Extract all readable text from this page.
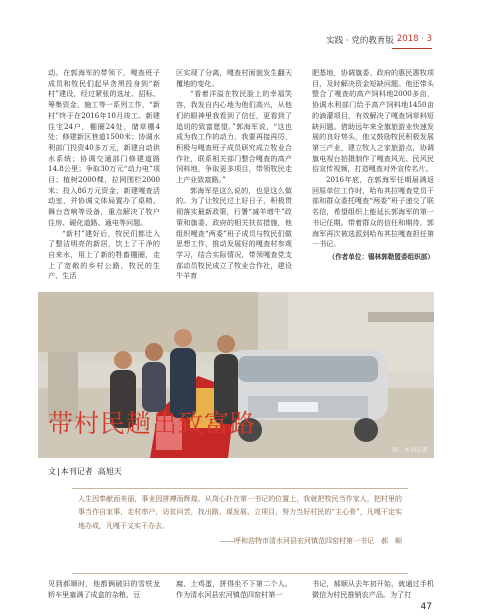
实践 · 党的教育版 2018 · 3

动。在郭海军的带领下，嘎查班子成员和牧民们起早贪黑投身到“新村”建设，经过紧张的选址、招标、筹集资金、施工等一系列工作，“新村”终于在2016年10月竣工。新建住宅24户，棚圈24处，储草棚4处；修建新区巷道1500米；协调水利部门投资40多万元，新建自动供水系统；协调交通部门修建道路14.8公里；争取30万元“动力电”项目；植树2000棵，拉网围栏2000米；投入86万元资金，新建嘎查活动室，并协调文体局置办了桌椅、舞台音响等设备，重点解决了牧户住房、硬化道路、通电等问题。

“新村”建好后，牧民们都迁入了整洁明亮的新居，饮上了干净的自来水，用上了新的牲畜棚圈，走上了宽敞的乡村公路，牧民的生产、生活

区实现了分离，嘎查村面貌发生翻天覆地的变化。

“看着洋溢在牧民脸上的幸福笑容，我发自内心地为他们高兴，从他们的眼神里我看到了信任，更看到了追切的致富愿望。”郭海军说，“这也成为我工作的动力，我要再接再厉，积极与嘎查班子成员研究成立牧业合作社，联系相关部门整合嘎查的高产饲料地，争取更多项目，带领牧民走上产业致富路。”

郭海军是这么说的，也是这么做的。为了让牧民过上好日子，积极贯彻落实最新政策，行署“减羊增牛”政策和旗委、政府的相关扶贫措施，他组织嘎查“两委”班子成员与牧民们做思想工作，推动发展好的嘎查村参观学习，结合实际情况，带领嘎查党支部动员牧民成立了牧业合作社，建设牛羊育

肥基地，协调旗委、政府的惠民惠牧项目，及时解决资金短缺问题。他还带头整合了嘎查的高产饲料地2000多亩，协调水利部门给予高产饲料地1450亩的滴灌项目，有效解决了嘎查饲草料短缺问题。借助远年来全旗旅游业快速发展的良好势头，他又鼓励牧民积极发展第三产业，建立牧人之家旅游点，协调旗电视台拍摄制作了嘎查风光、民风民俗宣传视频，打造嘎查对外宣传名片。

2016年底，在郭海军任期届满返回原单位工作时，哈布其拉嘎查党员干部和群众委托嘎查“两委”班子递交了联名信，希望组织上能延长郭海军的第一书记任期。带着群众的信任和期待，郭海军再次被选派到哈布其拉嘎查担任第一书记。

（作者单位：锡林郭勒盟委组织部）

图：本刊记者
带村民趟出致富路
文|本刊记者 高旭天
人生因奉献而美丽，事业因拼搏而辉煌。从岗心扑在第一书记的位置上，我就把牧民当作家人，把村里的事当作自家事，走村串户，访贫问苦，找出路、谋发展、立项目，努力当好村民的“主心骨”，凡嘎干定实地办成，凡嘎干又实干办去。
——呼和浩特市清水河县宏河镇范四窑村第一书记　郝　顺
见到郝顺时，他都俩破旧的雪铁龙轿车里塞满了成盒的杂粮、豆
腐、土鸡蛋，拼得坐不下第二个人。作为清水河县宏河镇范四窑村第一
书记，郝顺从去年初开始，就通过手机微信为村民推销农产品。为了打
47
